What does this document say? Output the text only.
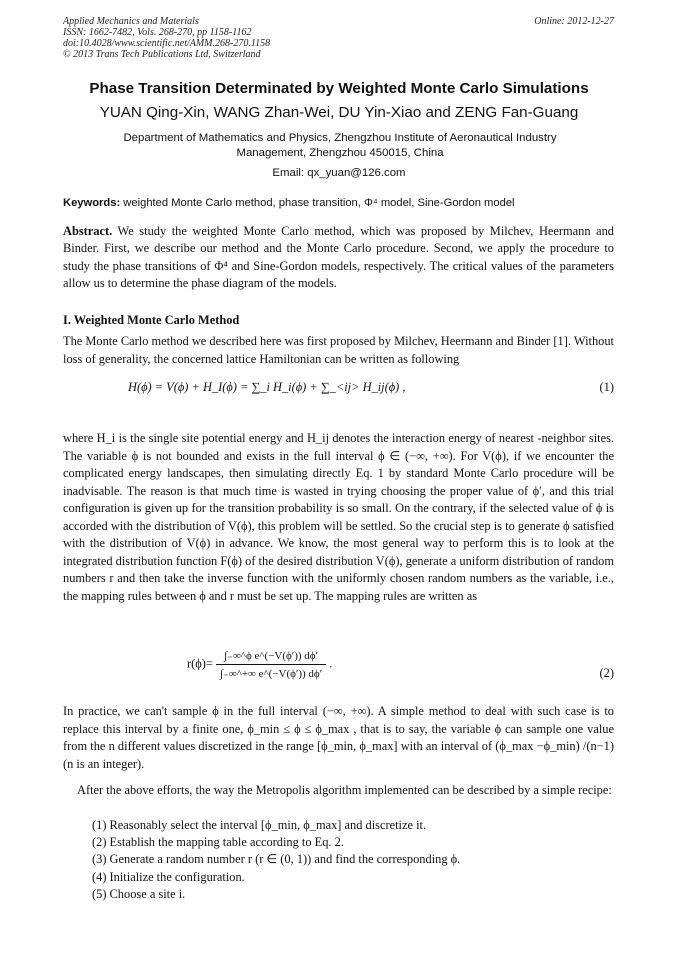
Applied Mechanics and Materials
ISSN: 1662-7482, Vols. 268-270, pp 1158-1162
doi:10.4028/www.scientific.net/AMM.268-270.1158
© 2013 Trans Tech Publications Ltd, Switzerland
Online: 2012-12-27
Phase Transition Determinated by Weighted Monte Carlo Simulations
YUAN Qing-Xin, WANG Zhan-Wei, DU Yin-Xiao and ZENG Fan-Guang
Department of Mathematics and Physics, Zhengzhou Institute of Aeronautical Industry Management, Zhengzhou 450015, China
Email: qx_yuan@126.com
Keywords: weighted Monte Carlo method, phase transition, Φ⁴ model, Sine-Gordon model
Abstract. We study the weighted Monte Carlo method, which was proposed by Milchev, Heermann and Binder. First, we describe our method and the Monte Carlo procedure. Second, we apply the procedure to study the phase transitions of Φ⁴ and Sine-Gordon models, respectively. The critical values of the parameters allow us to determine the phase diagram of the models.
I. Weighted Monte Carlo Method
The Monte Carlo method we described here was first proposed by Milchev, Heermann and Binder [1]. Without loss of generality, the concerned lattice Hamiltonian can be written as following
H(ϕ) = V(ϕ) + H_I(ϕ) = ∑_i H_i(ϕ) + ∑_<ij> H_ij(ϕ) ,	(1)
where H_i is the single site potential energy and H_ij denotes the interaction energy of nearest -neighbor sites. The variable ϕ is not bounded and exists in the full interval ϕ ∈ (−∞, +∞). For V(ϕ), if we encounter the complicated energy landscapes, then simulating directly Eq. 1 by standard Monte Carlo procedure will be inadvisable. The reason is that much time is wasted in trying choosing the proper value of ϕ′, and this trial configuration is given up for the transition probability is so small. On the contrary, if the selected value of ϕ is accorded with the distribution of V(ϕ), this problem will be settled. So the crucial step is to generate ϕ satisfied with the distribution of V(ϕ) in advance. We know, the most general way to perform this is to look at the integrated distribution function F(ϕ) of the desired distribution V(ϕ), generate a uniform distribution of random numbers r and then take the inverse function with the uniformly chosen random numbers as the variable, i.e., the mapping rules between ϕ and r must be set up. The mapping rules are written as
$r(\phi)= \frac{\text{∫₋∞\textasciicircum{}ϕ e\textasciicircum{}(−V(ϕ′)) dϕ′}}{\int_-\infty\^{}+\infty e\^{}(-V(\phi')) d\phi'}$ .
(2)
In practice, we can't sample ϕ in the full interval (−∞, +∞). A simple method to deal with such case is to replace this interval by a finite one, ϕ_min ≤ ϕ ≤ ϕ_max , that is to say, the variable ϕ can sample one value from the n different values discretized in the range [ϕ_min, ϕ_max] with an interval of (ϕ_max −ϕ_min) /(n−1) (n is an integer).
After the above efforts, the way the Metropolis algorithm implemented can be described by a simple recipe:
(1) Reasonably select the interval [ϕ_min, ϕ_max] and discretize it.
(2) Establish the mapping table according to Eq. 2.
(3) Generate a random number r (r ∈ (0, 1)) and find the corresponding ϕ.
(4) Initialize the configuration.
(5) Choose a site i.
